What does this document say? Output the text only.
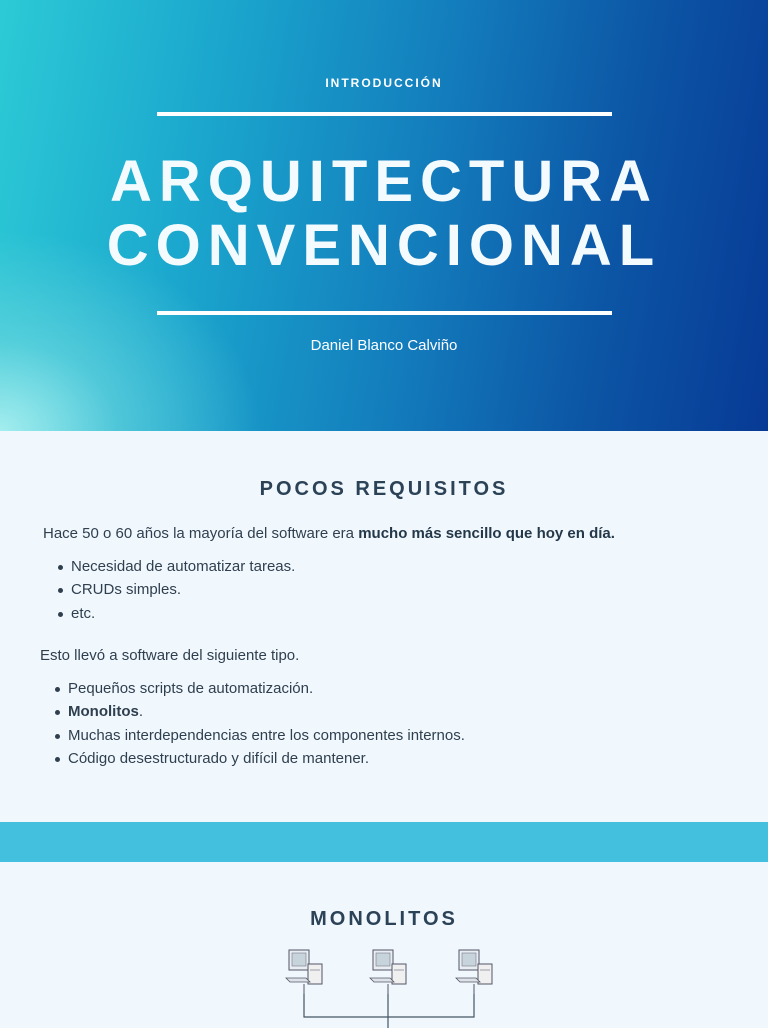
INTRODUCCIÓN
ARQUITECTURA
CONVENCIONAL
Daniel Blanco Calviño
POCOS REQUISITOS

Hace 50 o 60 años la mayoría del software era mucho más sencillo que hoy en día.

Necesidad de automatizar tareas.
CRUDs simples.
etc.

Esto llevó a software del siguiente tipo.

Pequeños scripts de automatización.
Monolitos.
Muchas interdependencias entre los componentes internos.
Código desestructurado y difícil de mantener.
MONOLITOS
